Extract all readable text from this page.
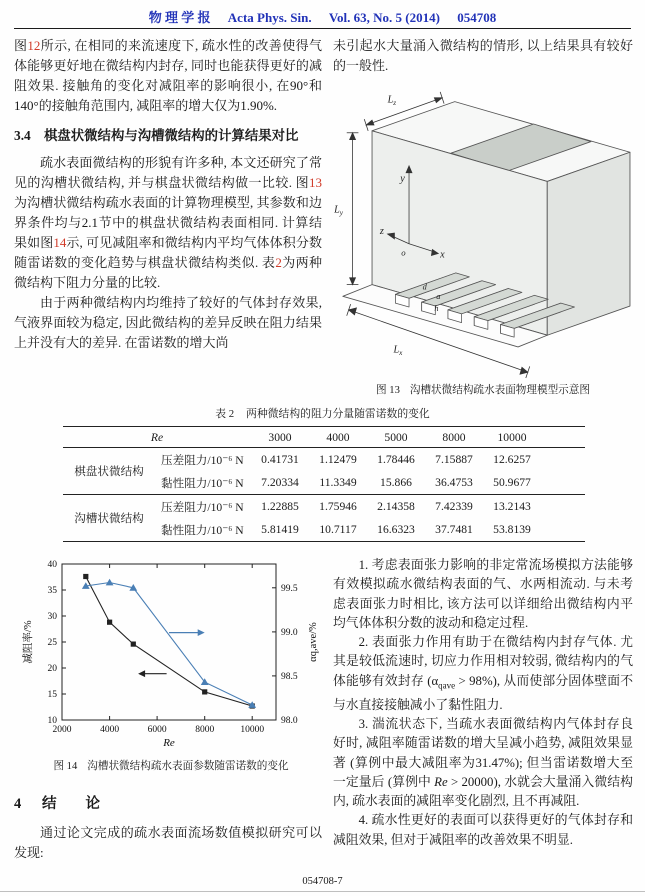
物 理 学 报 Acta Phys. Sin. Vol. 63, No. 5 (2014) 054708

图12所示, 在相同的来流速度下, 疏水性的改善使得气体能够更好地在微结构内封存, 同时也能获得更好的减阻效果. 接触角的变化对减阻率的影响很小, 在90°和140°的接触角范围内, 减阻率的增大仅为1.90%.

3.4 棋盘状微结构与沟槽微结构的计算结果对比

疏水表面微结构的形貌有许多种, 本文还研究了常见的沟槽状微结构, 并与棋盘状微结构做一比较. 图13为沟槽状微结构疏水表面的计算物理模型, 其参数和边界条件均与2.1节中的棋盘状微结构表面相同. 计算结果如图14示, 可见减阻率和微结构内平均气体体积分数随雷诺数的变化趋势与棋盘状微结构类似. 表2为两种微结构下阻力分量的比较.

由于两种微结构内均维持了较好的气体封存效果, 气液界面较为稳定, 因此微结构的差异反映在阻力结果上并没有大的差异. 在雷诺数的增大尚

未引起水大量涌入微结构的情形, 以上结果具有较好的一般性.

$L_z$
$L_y$
$L_x$
y
x
z
o
d
a
h
图 13 沟槽状微结构疏水表面物理模型示意图
表 2 两种微结构的阻力分量随雷诺数的变化
Re		3000	4000	5000	8000	10000	
棋盘状微结构	压差阻力/10⁻⁶ N	0.41731	1.12479	1.78446	7.15887	12.6257	
	黏性阻力/10⁻⁶ N	7.20334	11.3349	15.866	36.4753	50.9677	
沟槽状微结构	压差阻力/10⁻⁶ N	1.22885	1.75946	2.14358	7.42339	13.2143	
	黏性阻力/10⁻⁶ N	5.81419	10.7117	16.6323	37.7481	53.8139	
2000	4000	6000	8000	10000
10
15
20
25
30
35
40
98.0
98.5
99.0
99.5
Re
减阻率/%	αq,ave/%
图 14 沟槽状微结构疏水表面参数随雷诺数的变化

1. 考虑表面张力影响的非定常流场模拟方法能够有效模拟疏水微结构表面的气、水两相流动. 与未考虑表面张力时相比, 该方法可以详细给出微结构内平均气体体积分数的波动和稳定过程.

2. 表面张力作用有助于在微结构内封存气体. 尤其是较低流速时, 切应力作用相对较弱, 微结构内的气体能够有效封存 $(\alpha_{qave} > 98\%)$, 从而使部分固体壁面不与水直接接触减小了黏性阻力.

3. 湍流状态下, 当疏水表面微结构内气体封存良好时, 减阻率随雷诺数的增大呈减小趋势, 减阻效果显著 (算例中最大减阻率为31.47%); 但当雷诺数增大至一定量后 (算例中 Re > 20000), 水就会大量涌入微结构内, 疏水表面的减阻率变化剧烈, 且不再减阻.

4. 疏水性更好的表面可以获得更好的气体封存和减阻效果, 但对于减阻率的改善效果不明显.

4	结　　论

通过论文完成的疏水表面流场数值模拟研究可以发现:

054708-7
